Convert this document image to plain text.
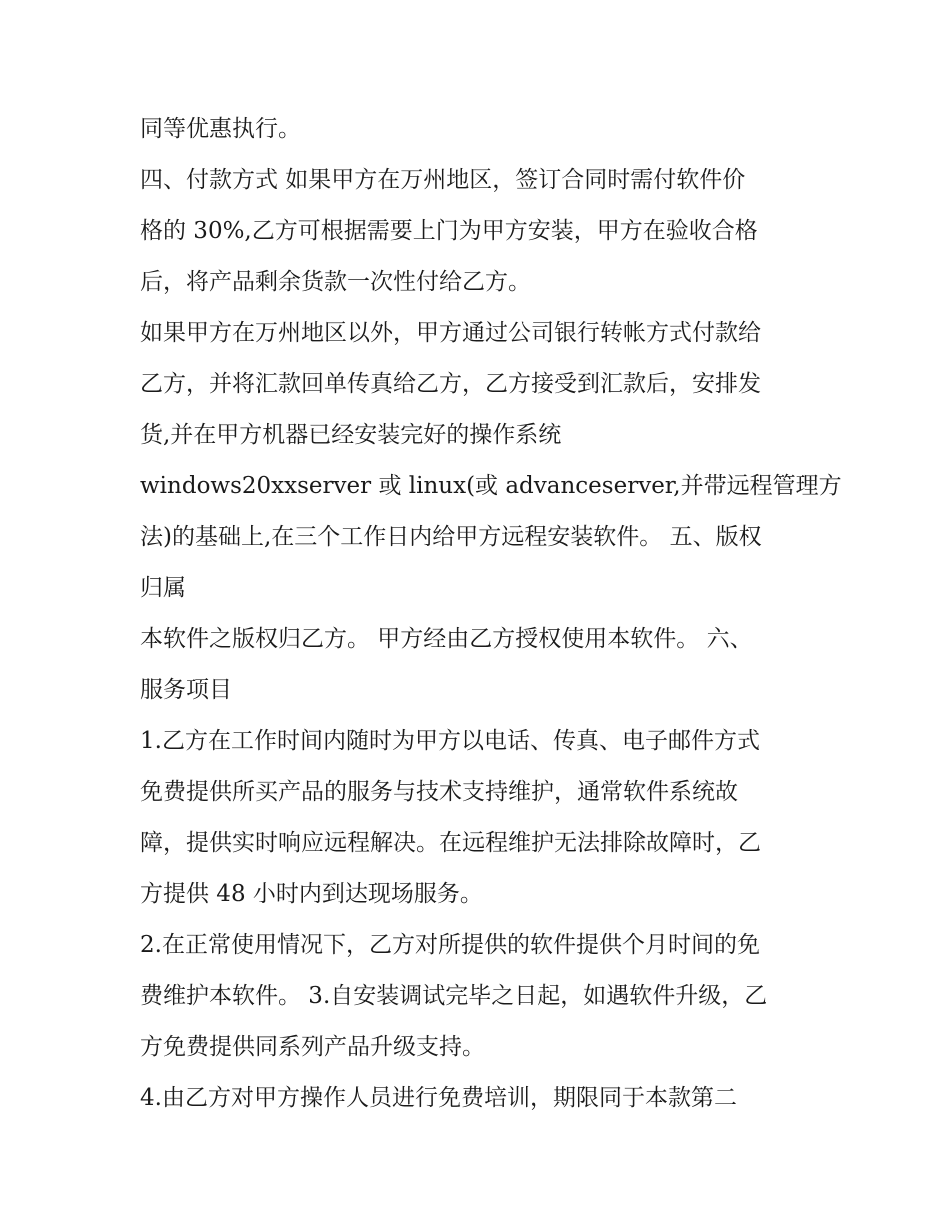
同等优惠执行。
四、付款方式 如果甲方在万州地区，签订合同时需付软件价
格的 30%,乙方可根据需要上门为甲方安装，甲方在验收合格
后，将产品剩余货款一次性付给乙方。
如果甲方在万州地区以外，甲方通过公司银行转帐方式付款给
乙方，并将汇款回单传真给乙方，乙方接受到汇款后，安排发
货,并在甲方机器已经安装完好的操作系统
windows20xxserver 或 linux(或 advanceserver,并带远程管理方
法)的基础上,在三个工作日内给甲方远程安装软件。 五、版权
归属
本软件之版权归乙方。 甲方经由乙方授权使用本软件。 六、
服务项目
1.乙方在工作时间内随时为甲方以电话、传真、电子邮件方式
免费提供所买产品的服务与技术支持维护，通常软件系统故
障，提供实时响应远程解决。在远程维护无法排除故障时，乙
方提供 48 小时内到达现场服务。
2.在正常使用情况下，乙方对所提供的软件提供个月时间的免
费维护本软件。 3.自安装调试完毕之日起，如遇软件升级，乙
方免费提供同系列产品升级支持。
4.由乙方对甲方操作人员进行免费培训，期限同于本款第二
